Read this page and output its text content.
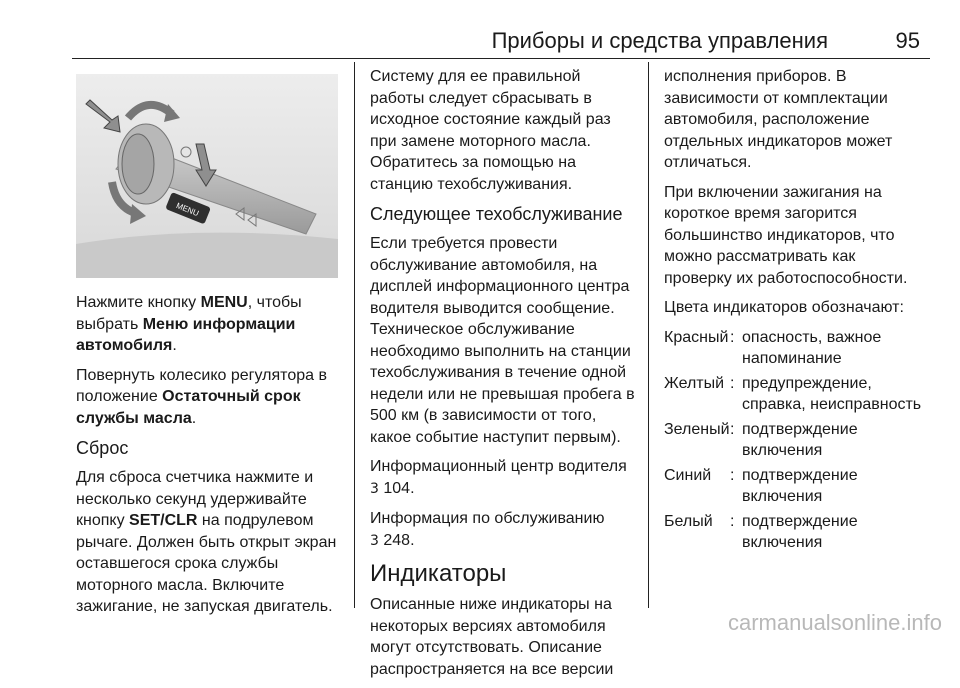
Приборы и средства управления	95
MENU

Нажмите кнопку MENU, чтобы выбрать Меню информации автомобиля.

Повернуть колесико регулятора в положение Остаточный срок службы масла.

Сброс

Для сброса счетчика нажмите и несколько секунд удерживайте кнопку SET/CLR на подрулевом рычаге. Должен быть открыт экран оставшегося срока службы моторного масла. Включите зажигание, не запуская двигатель.

Систему для ее правильной работы следует сбрасывать в исходное состояние каждый раз при замене моторного масла. Обратитесь за помощью на станцию техобслуживания.

Следующее техобслуживание

Если требуется провести обслуживание автомобиля, на дисплей информационного центра водителя выводится сообщение. Техническое обслуживание необходимо выполнить на станции техобслуживания в течение одной недели или не превышая пробега в 500 км (в зависимости от того, какое событие наступит первым).

Информационный центр водителя
3 104.

Информация по обслуживанию
3 248.

Индикаторы

Описанные ниже индикаторы на некоторых версиях автомобиля могут отсутствовать. Описание распространяется на все версии

исполнения приборов. В зависимости от комплектации автомобиля, расположение отдельных индикаторов может отличаться.

При включении зажигания на короткое время загорится большинство индикаторов, что можно рассматривать как проверку их работоспособности.

Цвета индикаторов обозначают:

Красный	:	опасность, важное напоминание
Желтый	:	предупреждение, справка, неисправность
Зеленый	:	подтверждение включения
Синий	:	подтверждение включения
Белый	:	подтверждение включения
carmanualsonline.info
